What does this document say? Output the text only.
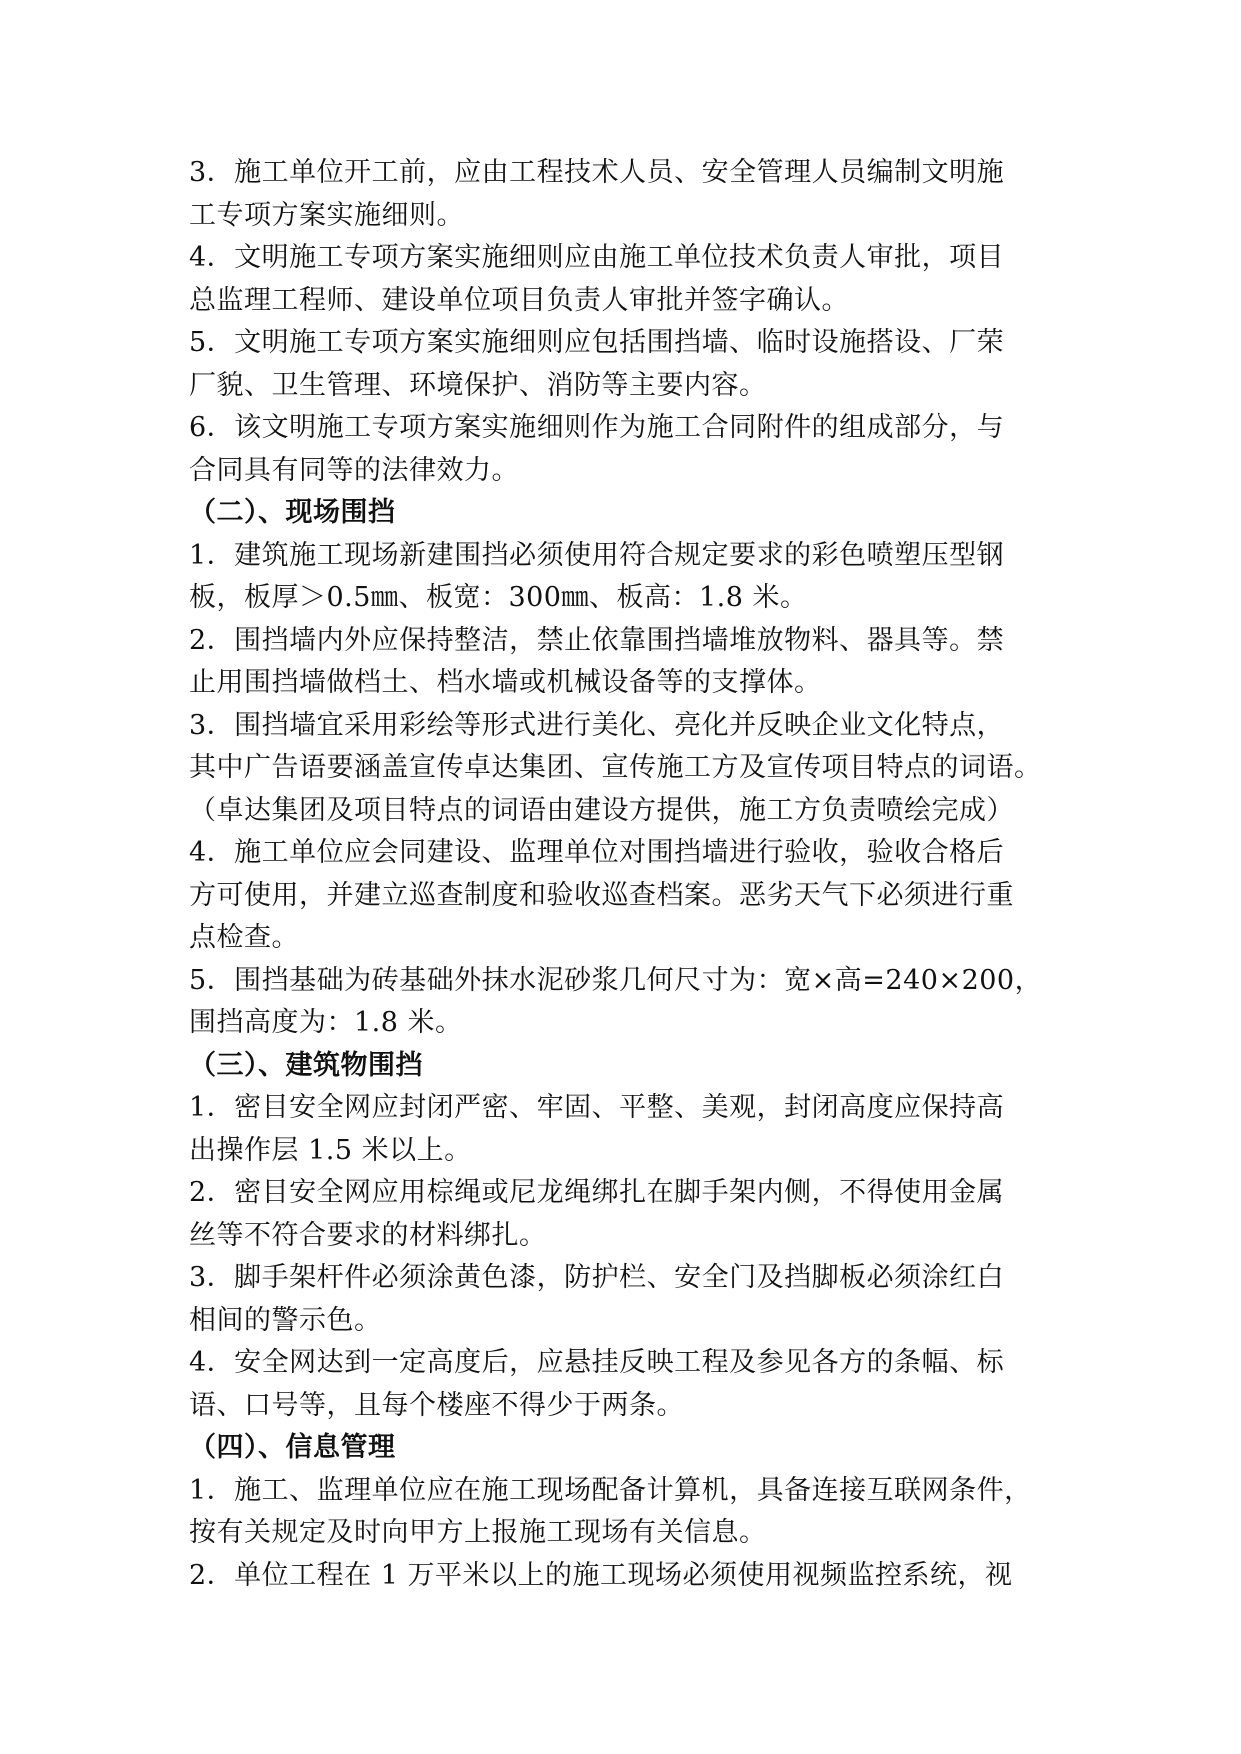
3．施工单位开工前，应由工程技术人员、安全管理人员编制文明施
工专项方案实施细则。
4．文明施工专项方案实施细则应由施工单位技术负责人审批，项目
总监理工程师、建设单位项目负责人审批并签字确认。
5．文明施工专项方案实施细则应包括围挡墙、临时设施搭设、厂荣
厂貌、卫生管理、环境保护、消防等主要内容。
6．该文明施工专项方案实施细则作为施工合同附件的组成部分，与
合同具有同等的法律效力。
（二）、现场围挡
1．建筑施工现场新建围挡必须使用符合规定要求的彩色喷塑压型钢
板，板厚＞0.5㎜、板宽：300㎜、板高：1.8 米。
2．围挡墙内外应保持整洁，禁止依靠围挡墙堆放物料、器具等。禁
止用围挡墙做档土、档水墙或机械设备等的支撑体。
3．围挡墙宜采用彩绘等形式进行美化、亮化并反映企业文化特点，
其中广告语要涵盖宣传卓达集团、宣传施工方及宣传项目特点的词语。
（卓达集团及项目特点的词语由建设方提供，施工方负责喷绘完成）
4．施工单位应会同建设、监理单位对围挡墙进行验收，验收合格后
方可使用，并建立巡查制度和验收巡查档案。恶劣天气下必须进行重
点检查。
5．围挡基础为砖基础外抹水泥砂浆几何尺寸为：宽×高=240×200，
围挡高度为：1.8 米。
（三）、建筑物围挡
1．密目安全网应封闭严密、牢固、平整、美观，封闭高度应保持高
出操作层 1.5 米以上。
2．密目安全网应用棕绳或尼龙绳绑扎在脚手架内侧，不得使用金属
丝等不符合要求的材料绑扎。
3．脚手架杆件必须涂黄色漆，防护栏、安全门及挡脚板必须涂红白
相间的警示色。
4．安全网达到一定高度后，应悬挂反映工程及参见各方的条幅、标
语、口号等，且每个楼座不得少于两条。
（四）、信息管理
1．施工、监理单位应在施工现场配备计算机，具备连接互联网条件，
按有关规定及时向甲方上报施工现场有关信息。
2．单位工程在 1 万平米以上的施工现场必须使用视频监控系统，视
